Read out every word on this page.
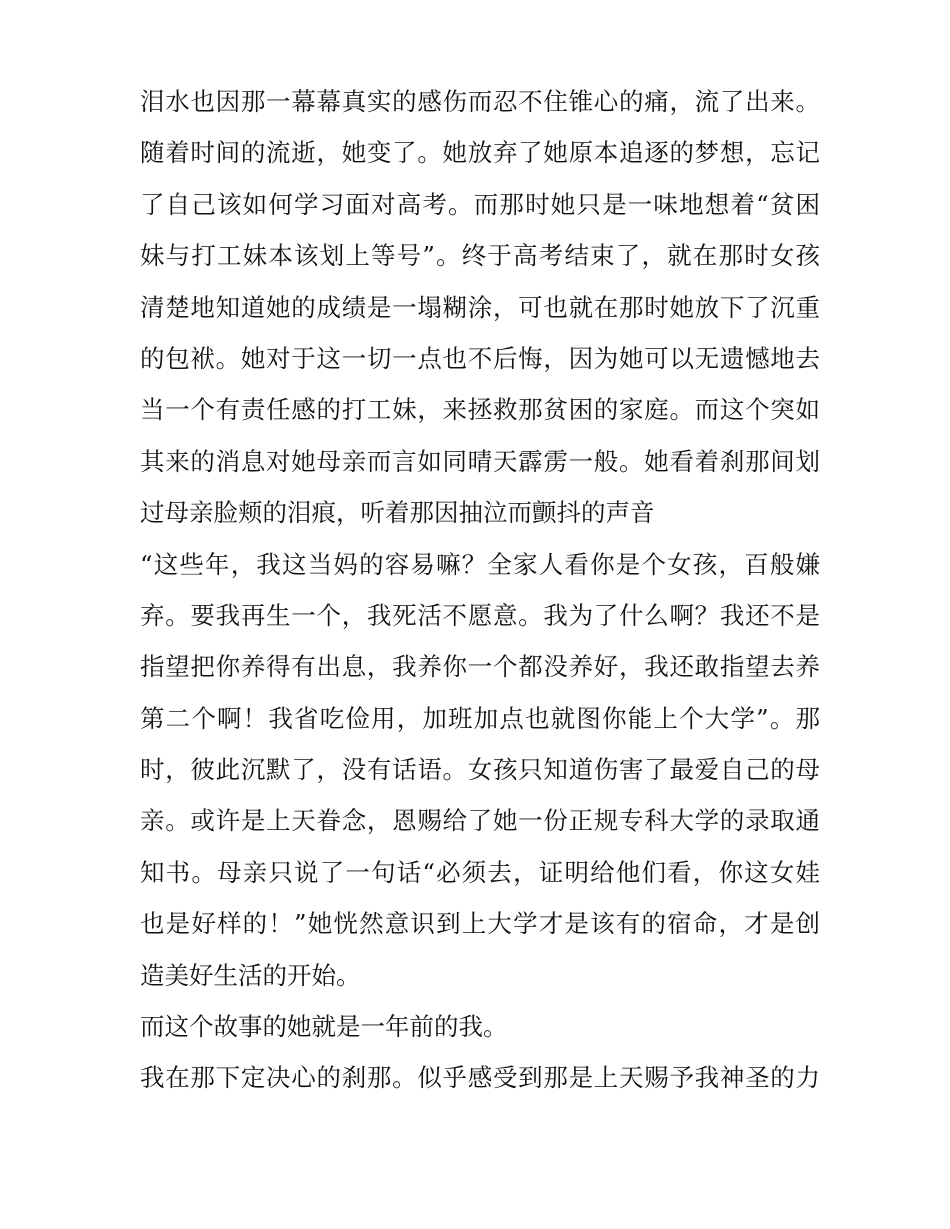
泪水也因那一幕幕真实的感伤而忍不住锥心的痛，流了出来。
随着时间的流逝，她变了。她放弃了她原本追逐的梦想，忘记
了自己该如何学习面对高考。而那时她只是一味地想着“贫困
妹与打工妹本该划上等号”。终于高考结束了，就在那时女孩
清楚地知道她的成绩是一塌糊涂，可也就在那时她放下了沉重
的包袱。她对于这一切一点也不后悔，因为她可以无遗憾地去
当一个有责任感的打工妹，来拯救那贫困的家庭。而这个突如
其来的消息对她母亲而言如同晴天霹雳一般。她看着刹那间划
过母亲脸颊的泪痕，听着那因抽泣而颤抖的声音
“这些年，我这当妈的容易嘛？全家人看你是个女孩，百般嫌
弃。要我再生一个，我死活不愿意。我为了什么啊？我还不是
指望把你养得有出息，我养你一个都没养好，我还敢指望去养
第二个啊！我省吃俭用，加班加点也就图你能上个大学”。那
时，彼此沉默了，没有话语。女孩只知道伤害了最爱自己的母
亲。或许是上天眷念，恩赐给了她一份正规专科大学的录取通
知书。母亲只说了一句话“必须去，证明给他们看，你这女娃
也是好样的！”她恍然意识到上大学才是该有的宿命，才是创
造美好生活的开始。
而这个故事的她就是一年前的我。
我在那下定决心的刹那。似乎感受到那是上天赐予我神圣的力
